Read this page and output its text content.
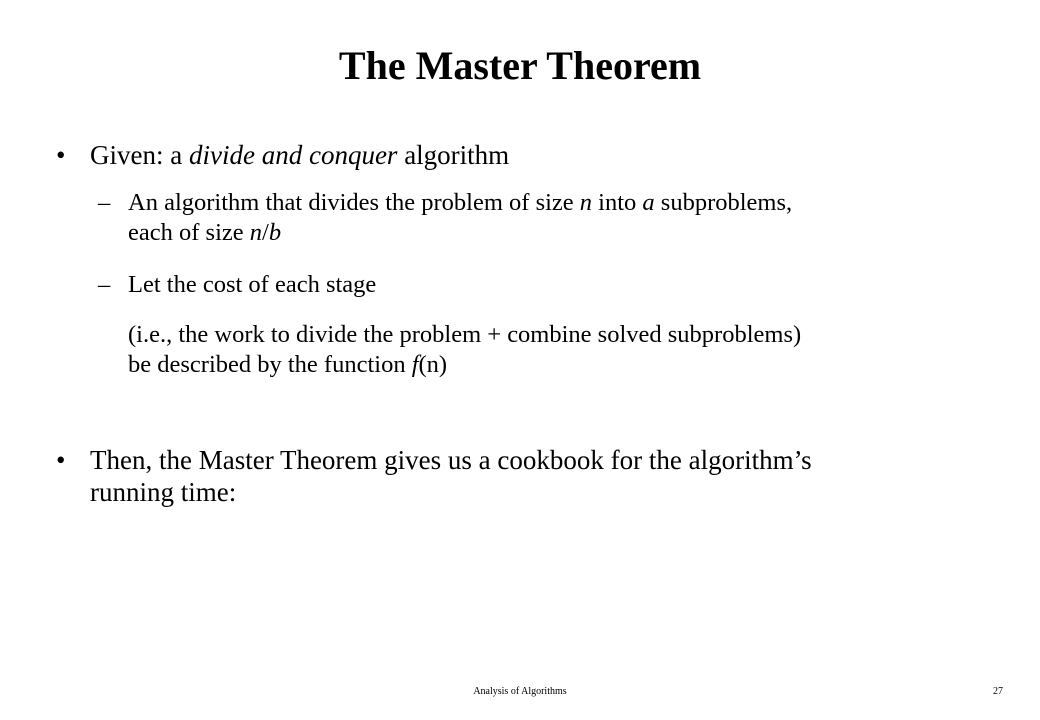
The Master Theorem
• Given: a divide and conquer algorithm
– An algorithm that divides the problem of size n into a subproblems,
each of size n/b
– Let the cost of each stage
(i.e., the work to divide the problem + combine solved subproblems)
be described by the function f(n)
• Then, the Master Theorem gives us a cookbook for the algorithm’s
running time:
Analysis of Algorithms	27
